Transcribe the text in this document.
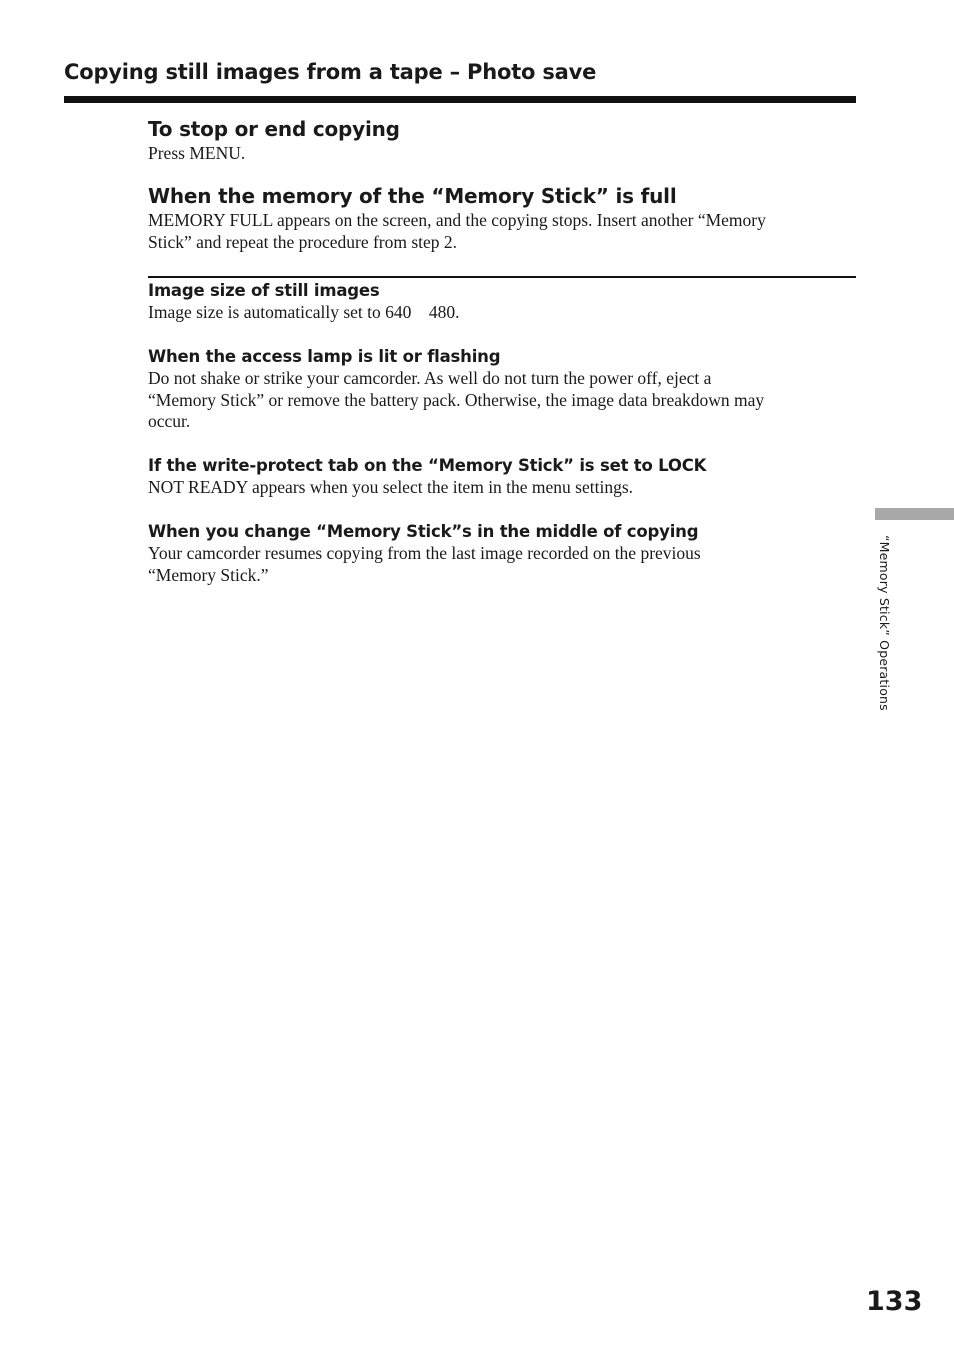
Copying still images from a tape – Photo save
To stop or end copying
Press MENU.
When the memory of the “Memory Stick” is full
MEMORY FULL appears on the screen, and the copying stops. Insert another “Memory
Stick” and repeat the procedure from step 2.
Image size of still images
Image size is automatically set to 640    480.
When the access lamp is lit or flashing
Do not shake or strike your camcorder. As well do not turn the power off, eject a
“Memory Stick” or remove the battery pack. Otherwise, the image data breakdown may
occur.
If the write-protect tab on the “Memory Stick” is set to LOCK
NOT READY appears when you select the item in the menu settings.
When you change “Memory Stick”s in the middle of copying
Your camcorder resumes copying from the last image recorded on the previous
“Memory Stick.”	“Memory Stick” Operations
133
